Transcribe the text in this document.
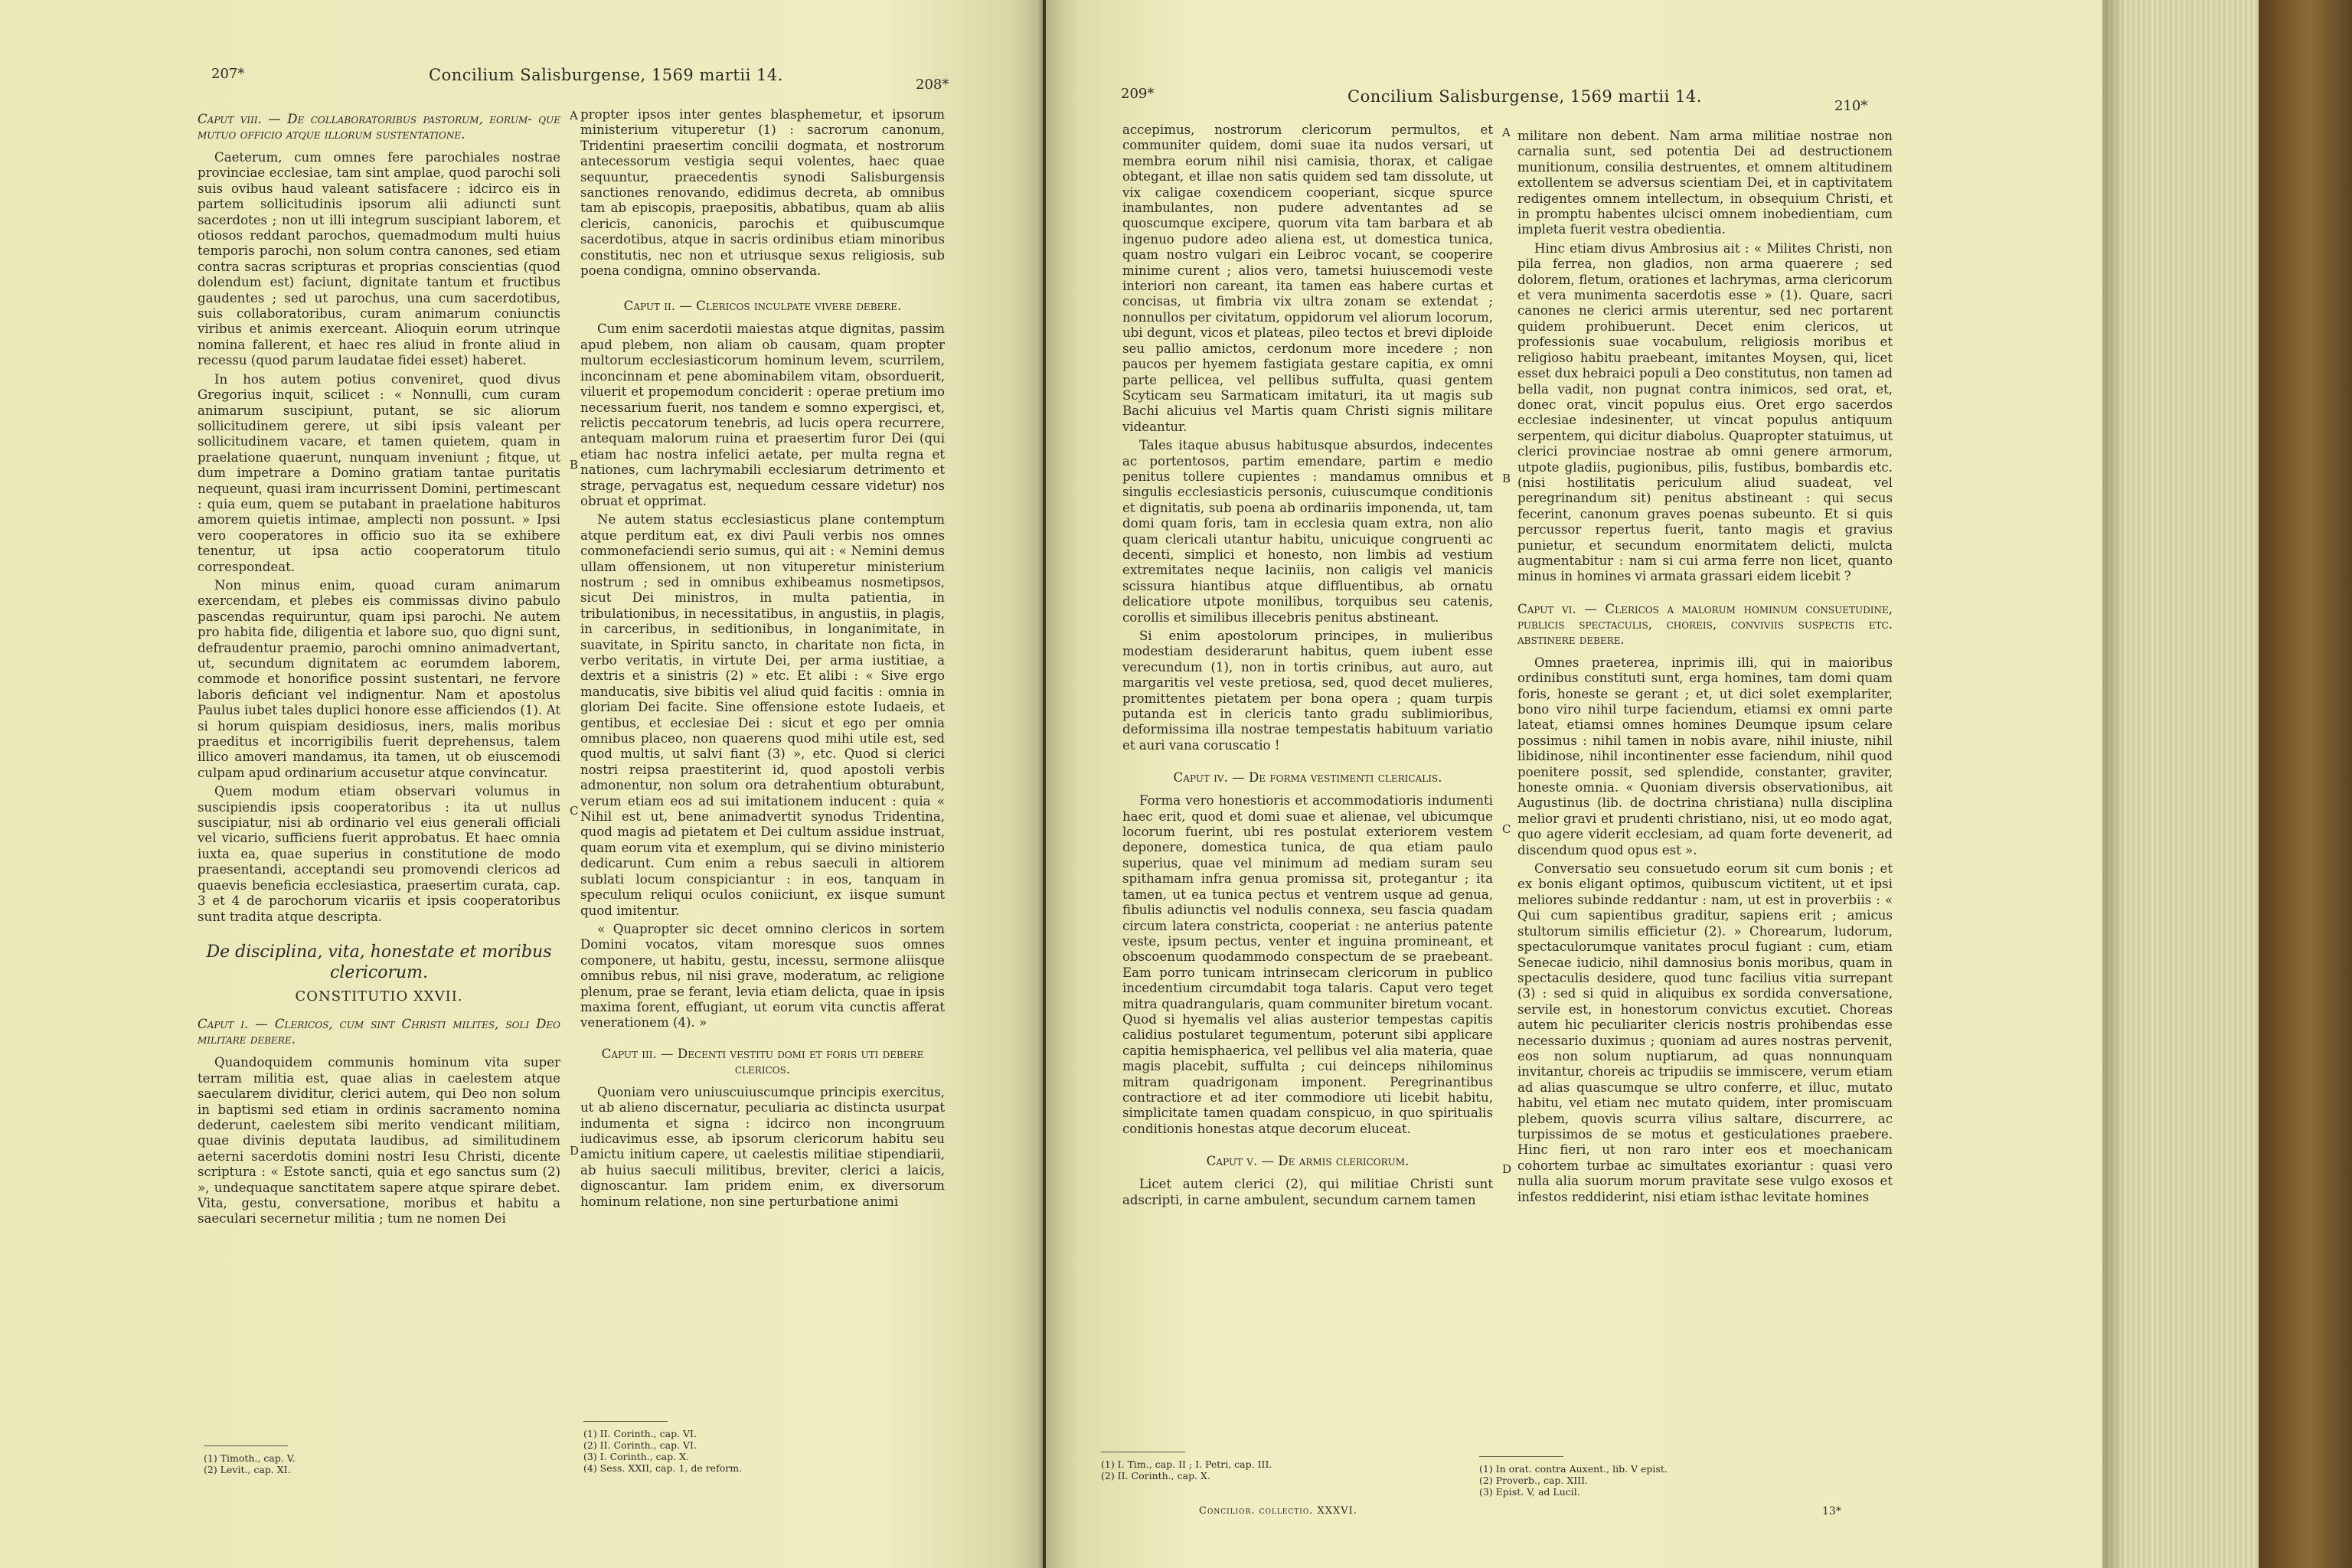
207*	Concilium Salisburgense, 1569 martii 14.
208*
Caput viii. — De collaboratoribus pastorum, eorum- que mutuo officio atque illorum sustentatione.

Caeterum, cum omnes fere parochiales nostrae provinciae ecclesiae, tam sint amplae, quod parochi soli suis ovibus haud valeant satisfacere : idcirco eis in partem sollicitudinis ipsorum alii adiuncti sunt sacerdotes ; non ut illi integrum suscipiant laborem, et otiosos reddant parochos, quemadmodum multi huius temporis parochi, non solum contra canones, sed etiam contra sacras scripturas et proprias conscientias (quod dolendum est) faciunt, dignitate tantum et fructibus gaudentes ; sed ut parochus, una cum sacerdotibus, suis collaboratoribus, curam animarum coniunctis viribus et animis exerceant. Alioquin eorum utrinque nomina fallerent, et haec res aliud in fronte aliud in recessu (quod parum laudatae fidei esset) haberet.

In hos autem potius conveniret, quod divus Gregorius inquit, scilicet : « Nonnulli, cum curam animarum suscipiunt, putant, se sic aliorum sollicitudinem gerere, ut sibi ipsis valeant per sollicitudinem vacare, et tamen quietem, quam in praelatione quaerunt, nunquam inveniunt ; fitque, ut dum impetrare a Domino gratiam tantae puritatis nequeunt, quasi iram incurrissent Domini, pertimescant : quia eum, quem se putabant in praelatione habituros amorem quietis intimae, amplecti non possunt. » Ipsi vero cooperatores in officio suo ita se exhibere tenentur, ut ipsa actio cooperatorum titulo correspondeat.

Non minus enim, quoad curam animarum exercendam, et plebes eis commissas divino pabulo pascendas requiruntur, quam ipsi parochi. Ne autem pro habita fide, diligentia et labore suo, quo digni sunt, defraudentur praemio, parochi omnino animadvertant, ut, secundum dignitatem ac eorumdem laborem, commode et honorifice possint sustentari, ne fervore laboris deficiant vel indignentur. Nam et apostolus Paulus iubet tales duplici honore esse afficiendos (1). At si horum quispiam desidiosus, iners, malis moribus praeditus et incorrigibilis fuerit deprehensus, talem illico amoveri mandamus, ita tamen, ut ob eiuscemodi culpam apud ordinarium accusetur atque convincatur.

Quem modum etiam observari volumus in suscipiendis ipsis cooperatoribus : ita ut nullus suscipiatur, nisi ab ordinario vel eius generali officiali vel vicario, sufficiens fuerit approbatus. Et haec omnia iuxta ea, quae superius in constitutione de modo praesentandi, acceptandi seu promovendi clericos ad quaevis beneficia ecclesiastica, praesertim curata, cap. 3 et 4 de parochorum vicariis et ipsis cooperatoribus sunt tradita atque descripta.

De disciplina, vita, honestate et moribus clericorum.
CONSTITUTIO XXVII.
Caput i. — Clericos, cum sint Christi milites, soli Deo militare debere.

Quandoquidem communis hominum vita super terram militia est, quae alias in caelestem atque saecularem dividitur, clerici autem, qui Deo non solum in baptismi sed etiam in ordinis sacramento nomina dederunt, caelestem sibi merito vendicant militiam, quae divinis deputata laudibus, ad similitudinem aeterni sacerdotis domini nostri Iesu Christi, dicente scriptura : « Estote sancti, quia et ego sanctus sum (2) », undequaque sanctitatem sapere atque spirare debet. Vita, gestu, conversatione, moribus et habitu a saeculari secernetur militia ; tum ne nomen Dei

(1) Timoth., cap. V.
(2) Levit., cap. XI.
A
B
C
D

propter ipsos inter gentes blasphemetur, et ipsorum ministerium vituperetur (1) : sacrorum canonum, Tridentini praesertim concilii dogmata, et nostrorum antecessorum vestigia sequi volentes, haec quae sequuntur, praecedentis synodi Salisburgensis sanctiones renovando, edidimus decreta, ab omnibus tam ab episcopis, praepositis, abbatibus, quam ab aliis clericis, canonicis, parochis et quibuscumque sacerdotibus, atque in sacris ordinibus etiam minoribus constitutis, nec non et utriusque sexus religiosis, sub poena condigna, omnino observanda.

Caput ii. — Clericos inculpate vivere debere.

Cum enim sacerdotii maiestas atque dignitas, passim apud plebem, non aliam ob causam, quam propter multorum ecclesiasticorum hominum levem, scurrilem, inconcinnam et pene abominabilem vitam, obsorduerit, viluerit et propemodum conciderit : operae pretium imo necessarium fuerit, nos tandem e somno expergisci, et, relictis peccatorum tenebris, ad lucis opera recurrere, antequam malorum ruina et praesertim furor Dei (qui etiam hac nostra infelici aetate, per multa regna et nationes, cum lachrymabili ecclesiarum detrimento et strage, pervagatus est, nequedum cessare videtur) nos obruat et opprimat.

Ne autem status ecclesiasticus plane contemptum atque perditum eat, ex divi Pauli verbis nos omnes commonefaciendi serio sumus, qui ait : « Nemini demus ullam offensionem, ut non vituperetur ministerium nostrum ; sed in omnibus exhibeamus nosmetipsos, sicut Dei ministros, in multa patientia, in tribulationibus, in necessitatibus, in angustiis, in plagis, in carceribus, in seditionibus, in longanimitate, in suavitate, in Spiritu sancto, in charitate non ficta, in verbo veritatis, in virtute Dei, per arma iustitiae, a dextris et a sinistris (2) » etc. Et alibi : « Sive ergo manducatis, sive bibitis vel aliud quid facitis : omnia in gloriam Dei facite. Sine offensione estote Iudaeis, et gentibus, et ecclesiae Dei : sicut et ego per omnia omnibus placeo, non quaerens quod mihi utile est, sed quod multis, ut salvi fiant (3) », etc. Quod si clerici nostri reipsa praestiterint id, quod apostoli verbis admonentur, non solum ora detrahentium obturabunt, verum etiam eos ad sui imitationem inducent : quia « Nihil est ut, bene animadvertit synodus Tridentina, quod magis ad pietatem et Dei cultum assidue instruat, quam eorum vita et exemplum, qui se divino ministerio dedicarunt. Cum enim a rebus saeculi in altiorem sublati locum conspiciantur : in eos, tanquam in speculum reliqui oculos coniiciunt, ex iisque sumunt quod imitentur.

« Quapropter sic decet omnino clericos in sortem Domini vocatos, vitam moresque suos omnes componere, ut habitu, gestu, incessu, sermone aliisque omnibus rebus, nil nisi grave, moderatum, ac religione plenum, prae se ferant, levia etiam delicta, quae in ipsis maxima forent, effugiant, ut eorum vita cunctis afferat venerationem (4). »

Caput iii. — Decenti vestitu domi et foris uti debere clericos.

Quoniam vero uniuscuiuscumque principis exercitus, ut ab alieno discernatur, peculiaria ac distincta usurpat indumenta et signa : idcirco non incongruum iudicavimus esse, ab ipsorum clericorum habitu seu amictu initium capere, ut caelestis militiae stipendiarii, ab huius saeculi militibus, breviter, clerici a laicis, dignoscantur. Iam pridem enim, ex diversorum hominum relatione, non sine perturbatione animi

(1) II. Corinth., cap. VI.
(2) II. Corinth., cap. VI.
(3) I. Corinth., cap. X.
(4) Sess. XXII, cap. 1, de reform.
209*	Concilium Salisburgense, 1569 martii 14.
210*

accepimus, nostrorum clericorum permultos, et communiter quidem, domi suae ita nudos versari, ut membra eorum nihil nisi camisia, thorax, et caligae obtegant, et illae non satis quidem sed tam dissolute, ut vix caligae coxendicem cooperiant, sicque spurce inambulantes, non pudere adventantes ad se quoscumque excipere, quorum vita tam barbara et ab ingenuo pudore adeo aliena est, ut domestica tunica, quam nostro vulgari ein Leibroc vocant, se cooperire minime curent ; alios vero, tametsi huiuscemodi veste interiori non careant, ita tamen eas habere curtas et concisas, ut fimbria vix ultra zonam se extendat ; nonnullos per civitatum, oppidorum vel aliorum locorum, ubi degunt, vicos et plateas, pileo tectos et brevi diploide seu pallio amictos, cerdonum more incedere ; non paucos per hyemem fastigiata gestare capitia, ex omni parte pellicea, vel pellibus suffulta, quasi gentem Scyticam seu Sarmaticam imitaturi, ita ut magis sub Bachi alicuius vel Martis quam Christi signis militare videantur.

Tales itaque abusus habitusque absurdos, indecentes ac portentosos, partim emendare, partim e medio penitus tollere cupientes : mandamus omnibus et singulis ecclesiasticis personis, cuiuscumque conditionis et dignitatis, sub poena ab ordinariis imponenda, ut, tam domi quam foris, tam in ecclesia quam extra, non alio quam clericali utantur habitu, unicuique congruenti ac decenti, simplici et honesto, non limbis ad vestium extremitates neque laciniis, non caligis vel manicis scissura hiantibus atque diffluentibus, ab ornatu delicatiore utpote monilibus, torquibus seu catenis, corollis et similibus illecebris penitus abstineant.

Si enim apostolorum principes, in mulieribus modestiam desiderarunt habitus, quem iubent esse verecundum (1), non in tortis crinibus, aut auro, aut margaritis vel veste pretiosa, sed, quod decet mulieres, promittentes pietatem per bona opera ; quam turpis putanda est in clericis tanto gradu sublimioribus, deformissima illa nostrae tempestatis habituum variatio et auri vana coruscatio !

Caput iv. — De forma vestimenti clericalis.

Forma vero honestioris et accommodatioris indumenti haec erit, quod et domi suae et alienae, vel ubicumque locorum fuerint, ubi res postulat exteriorem vestem deponere, domestica tunica, de qua etiam paulo superius, quae vel minimum ad mediam suram seu spithamam infra genua promissa sit, protegantur ; ita tamen, ut ea tunica pectus et ventrem usque ad genua, fibulis adiunctis vel nodulis connexa, seu fascia quadam circum latera constricta, cooperiat : ne anterius patente veste, ipsum pectus, venter et inguina promineant, et obscoenum quodammodo conspectum de se praebeant. Eam porro tunicam intrinsecam clericorum in publico incedentium circumdabit toga talaris. Caput vero teget mitra quadrangularis, quam communiter biretum vocant. Quod si hyemalis vel alias austerior tempestas capitis calidius postularet tegumentum, poterunt sibi applicare capitia hemisphaerica, vel pellibus vel alia materia, quae magis placebit, suffulta ; cui deinceps nihilominus mitram quadrigonam imponent. Peregrinantibus contractiore et ad iter commodiore uti licebit habitu, simplicitate tamen quadam conspicuo, in quo spiritualis conditionis honestas atque decorum eluceat.

Caput v. — De armis clericorum.

Licet autem clerici (2), qui militiae Christi sunt adscripti, in carne ambulent, secundum carnem tamen

(1) I. Tim., cap. II ; I. Petri, cap. III.
(2) II. Corinth., cap. X.
Concilior. collectio. XXXVI.
A
B
C
D

militare non debent. Nam arma militiae nostrae non carnalia sunt, sed potentia Dei ad destructionem munitionum, consilia destruentes, et omnem altitudinem extollentem se adversus scientiam Dei, et in captivitatem redigentes omnem intellectum, in obsequium Christi, et in promptu habentes ulcisci omnem inobedientiam, cum impleta fuerit vestra obedientia.

Hinc etiam divus Ambrosius ait : « Milites Christi, non pila ferrea, non gladios, non arma quaerere ; sed dolorem, fletum, orationes et lachrymas, arma clericorum et vera munimenta sacerdotis esse » (1). Quare, sacri canones ne clerici armis uterentur, sed nec portarent quidem prohibuerunt. Decet enim clericos, ut professionis suae vocabulum, religiosis moribus et religioso habitu praebeant, imitantes Moysen, qui, licet esset dux hebraici populi a Deo constitutus, non tamen ad bella vadit, non pugnat contra inimicos, sed orat, et, donec orat, vincit populus eius. Oret ergo sacerdos ecclesiae indesinenter, ut vincat populus antiquum serpentem, qui dicitur diabolus. Quapropter statuimus, ut clerici provinciae nostrae ab omni genere armorum, utpote gladiis, pugionibus, pilis, fustibus, bombardis etc. (nisi hostilitatis periculum aliud suadeat, vel peregrinandum sit) penitus abstineant : qui secus fecerint, canonum graves poenas subeunto. Et si quis percussor repertus fuerit, tanto magis et gravius punietur, et secundum enormitatem delicti, mulcta augmentabitur : nam si cui arma ferre non licet, quanto minus in homines vi armata grassari eidem licebit ?

Caput vi. — Clericos a malorum hominum consuetudine, publicis spectaculis, choreis, conviviis suspectis etc. abstinere debere.

Omnes praeterea, inprimis illi, qui in maioribus ordinibus constituti sunt, erga homines, tam domi quam foris, honeste se gerant ; et, ut dici solet exemplariter, bono viro nihil turpe faciendum, etiamsi ex omni parte lateat, etiamsi omnes homines Deumque ipsum celare possimus : nihil tamen in nobis avare, nihil iniuste, nihil libidinose, nihil incontinenter esse faciendum, nihil quod poenitere possit, sed splendide, constanter, graviter, honeste omnia. « Quoniam diversis observationibus, ait Augustinus (lib. de doctrina christiana) nulla disciplina melior gravi et prudenti christiano, nisi, ut eo modo agat, quo agere viderit ecclesiam, ad quam forte devenerit, ad discendum quod opus est ».

Conversatio seu consuetudo eorum sit cum bonis ; et ex bonis eligant optimos, quibuscum victitent, ut et ipsi meliores subinde reddantur : nam, ut est in proverbiis : « Qui cum sapientibus graditur, sapiens erit ; amicus stultorum similis efficietur (2). » Chorearum, ludorum, spectaculorumque vanitates procul fugiant : cum, etiam Senecae iudicio, nihil damnosius bonis moribus, quam in spectaculis desidere, quod tunc facilius vitia surrepant (3) : sed si quid in aliquibus ex sordida conversatione, servile est, in honestorum convictus excutiet. Choreas autem hic peculiariter clericis nostris prohibendas esse necessario duximus ; quoniam ad aures nostras pervenit, eos non solum nuptiarum, ad quas nonnunquam invitantur, choreis ac tripudiis se immiscere, verum etiam ad alias quascumque se ultro conferre, et illuc, mutato habitu, vel etiam nec mutato quidem, inter promiscuam plebem, quovis scurra vilius saltare, discurrere, ac turpissimos de se motus et gesticulationes praebere. Hinc fieri, ut non raro inter eos et moechanicam cohortem turbae ac simultates exoriantur : quasi vero nulla alia suorum morum pravitate sese vulgo exosos et infestos reddiderint, nisi etiam isthac levitate homines

(1) In orat. contra Auxent., lib. V epist.
(2) Proverb., cap. XIII.
(3) Epist. V, ad Lucil.
13*
